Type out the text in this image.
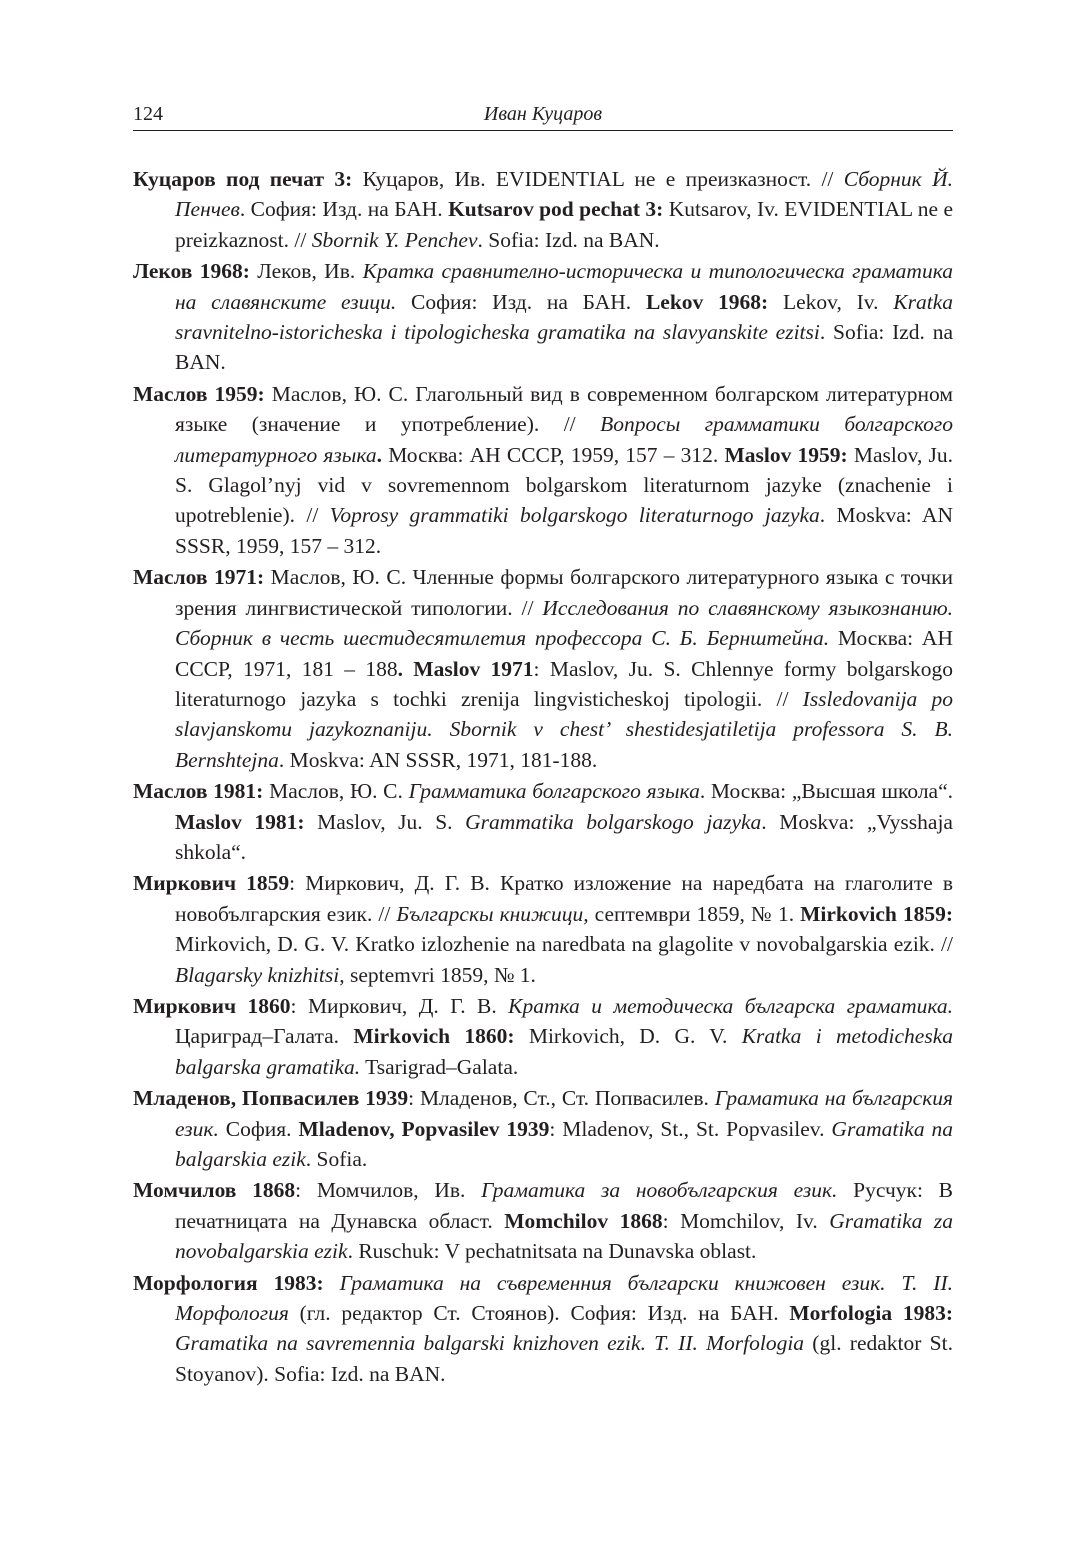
124	Иван Куцаров

Куцаров под печат 3: Куцаров, Ив. EVIDENTIAL не е преизказност. // Сборник Й. Пенчев. София: Изд. на БАН. Kutsarov pod pechat 3: Kutsarov, Iv. EVIDENTIAL ne e preizkaznost. // Sbornik Y. Penchev. Sofia: Izd. na BAN.

Леков 1968: Леков, Ив. Кратка сравнително-историческа и типологическа граматика на славянските езици. София: Изд. на БАН. Lekov 1968: Lekov, Iv. Kratka sravnitelno-istoricheska i tipologicheska gramatika na slavyanskite ezitsi. Sofia: Izd. na BAN.

Маслов 1959: Маслов, Ю. С. Глагольный вид в современном болгарском литературном языке (значение и употребление). // Вопросы грамматики болгарского литературного языка. Москва: АН СССР, 1959, 157 – 312. Maslov 1959: Maslov, Ju. S. Glagol’nyj vid v sovremennom bolgarskom literaturnom jazyke (znachenie i upotreblenie). // Voprosy grammatiki bolgarskogo literaturnogo jazyka. Moskva: AN SSSR, 1959, 157 – 312.

Маслов 1971: Маслов, Ю. С. Членные формы болгарского литературного языка с точки зрения лингвистической типологии. // Исследования по славянскому языкознанию. Сборник в честь шестидесятилетия профессора С. Б. Бернштейна. Москва: АН СССР, 1971, 181 – 188. Maslov 1971: Maslov, Ju. S. Chlennye formy bolgarskogo literaturnogo jazyka s tochki zrenija lingvisticheskoj tipologii. // Issledovanija po slavjanskomu jazykoznaniju. Sbornik v chest’ shestidesjatiletija professora S. B. Bernshtejna. Moskva: AN SSSR, 1971, 181-188.

Маслов 1981: Маслов, Ю. С. Грамматика болгарского языка. Москва: „Высшая школа“. Maslov 1981: Maslov, Ju. S. Grammatika bolgarskogo jazyka. Moskva: „Vysshaja shkola“.

Миркович 1859: Миркович, Д. Г. В. Кратко изложение на наредбата на глаголите в новобългарския език. // Българскы книжици, септември 1859, № 1. Mirkovich 1859: Mirkovich, D. G. V. Kratko izlozhenie na naredbata na glagolite v novobalgarskia ezik. // Blagarsky knizhitsi, septemvri 1859, № 1.

Миркович 1860: Миркович, Д. Г. В. Кратка и методическа българска граматика. Цариград–Галата. Mirkovich 1860: Mirkovich, D. G. V. Kratka i metodicheska balgarska gramatika. Tsarigrad–Galata.

Младенов, Попвасилев 1939: Младенов, Ст., Ст. Попвасилев. Граматика на българския език. София. Mladenov, Popvasilev 1939: Mladenov, St., St. Popvasilev. Gramatika na balgarskia ezik. Sofia.

Момчилов 1868: Момчилов, Ив. Граматика за новобългарския език. Русчук: В печатницата на Дунавска област. Momchilov 1868: Momchilov, Iv. Gramatika za novobalgarskia ezik. Ruschuk: V pechatnitsata na Dunavska oblast.

Морфология 1983: Граматика на съвременния български книжовен език. Т. II. Морфология (гл. редактор Ст. Стоянов). София: Изд. на БАН. Morfologia 1983: Gramatika na savremennia balgarski knizhoven ezik. T. II. Morfologia (gl. redaktor St. Stoyanov). Sofia: Izd. na BAN.
